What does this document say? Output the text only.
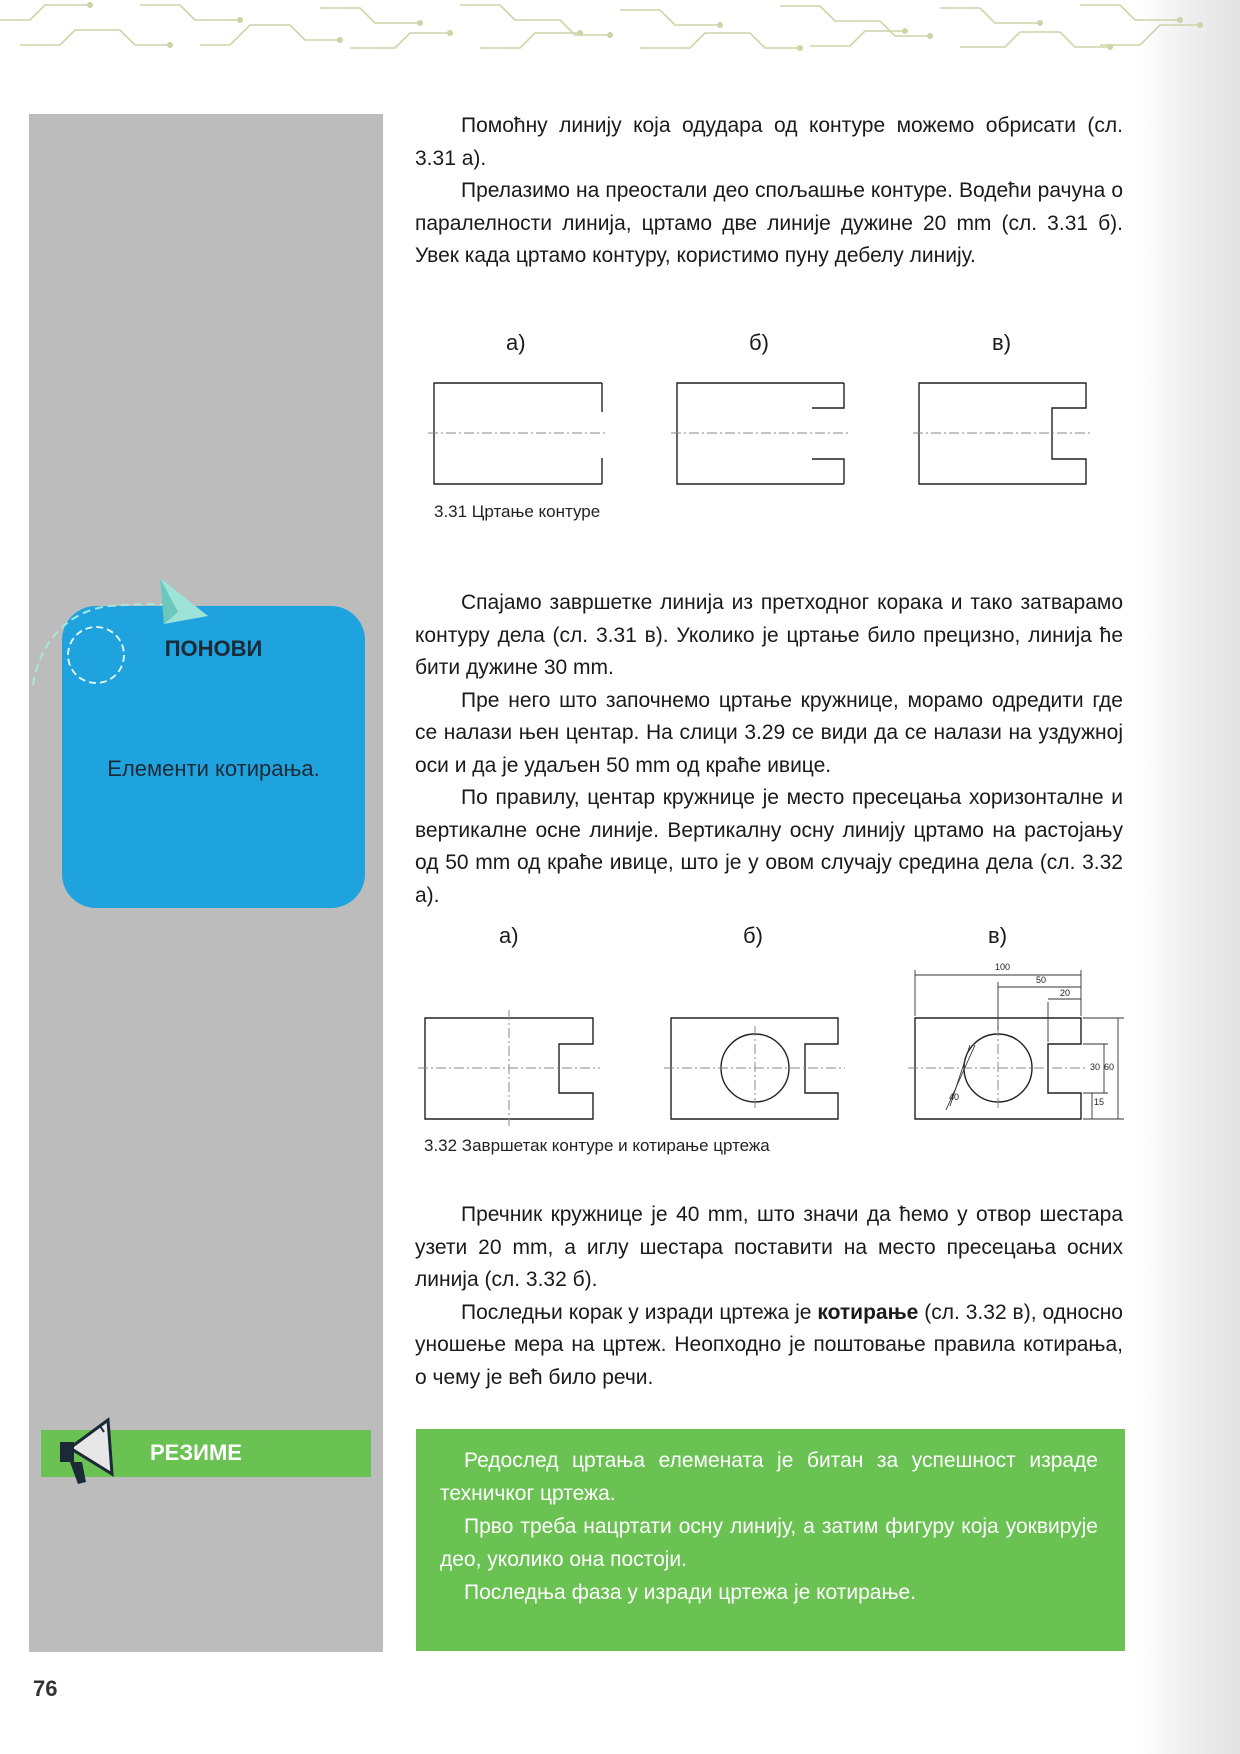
Помоћну линију која одудара од контуре можемо обрисати (сл. 3.31 а).

Прелазимо на преостали део спољашње контуре. Водећи рачуна о паралелности линија, цртамо две линије дужине 20 mm (сл. 3.31 б). Увек када цртамо контуру, користимо пуну дебелу линију.

а)	б)	в)
3.31 Цртање контуре

Спајамо завршетке линија из претходног корака и тако затварамо контуру дела (сл. 3.31 в). Уколико је цртање било прецизно, линија ће бити дужине 30 mm.

Пре него што започнемо цртање кружнице, морамо одредити где се налази њен центар. На слици 3.29 се види да се налази на уздужној оси и да је удаљен 50 mm од краће ивице.

По правилу, центар кружнице је место пресецања хоризонталне и вертикалне осне линије. Вертикалну осну линију цртамо на растојању од 50 mm од краће ивице, што је у овом случају средина дела (сл. 3.32 а).

а)	б)	в)
100
50
20
30 60
15
40
3.32 Завршетак контуре и котирање цртежа

Пречник кружнице је 40 mm, што значи да ћемо у отвор шестара узети 20 mm, а иглу шестара поставити на место пресецања осних линија (сл. 3.32 б).

Последњи корак у изради цртежа је котирање (сл. 3.32 в), односно уношење мера на цртеж. Неопходно је поштовање правила котирања, о чему је већ било речи.

ПОНОВИ
Елементи котирања.
РЕЗИМЕ	Редослед цртања елемената је битан за успешност израде техничког цртежа.

Прво треба нацртати осну линију, а затим фигуру која уоквирује део, уколико она постоји.

Последња фаза у изради цртежа је котирање.

76
